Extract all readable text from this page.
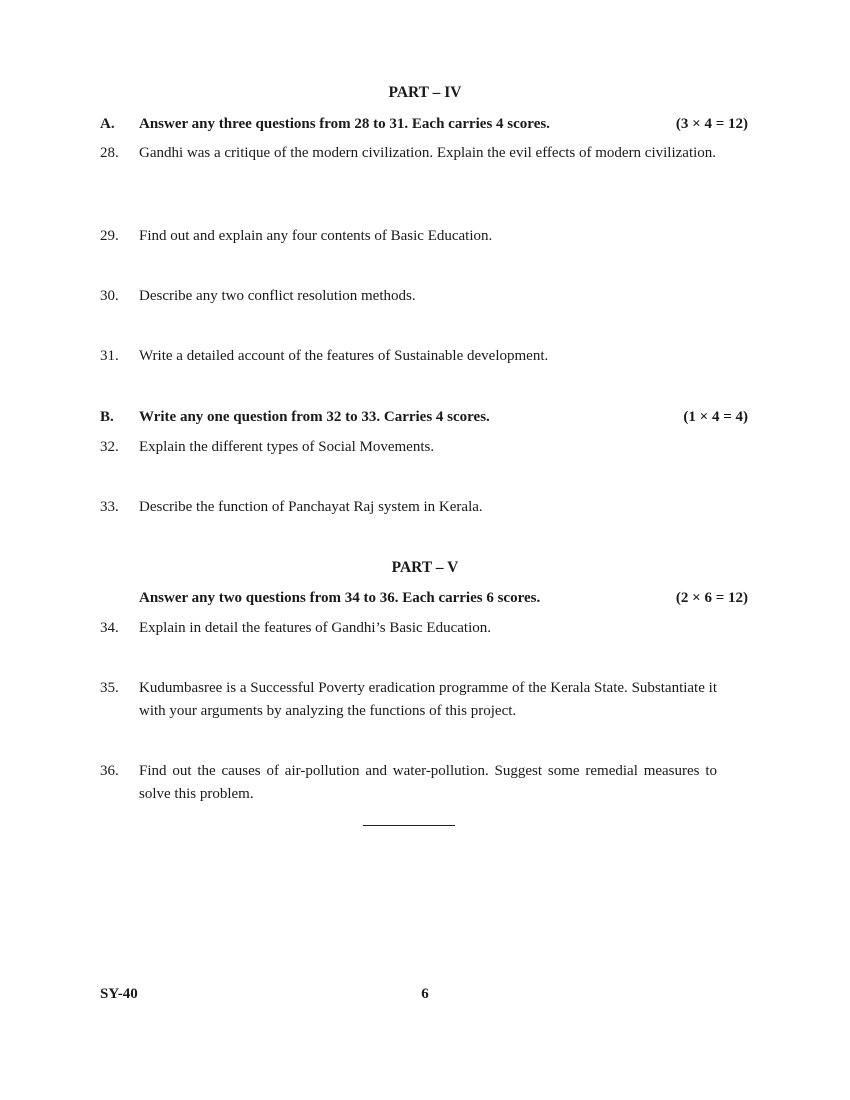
PART – IV
A. Answer any three questions from 28 to 31. Each carries 4 scores.	(3 × 4 = 12)
28. Gandhi was a critique of the modern civilization. Explain the evil effects of modern civilization.
29. Find out and explain any four contents of Basic Education.
30. Describe any two conflict resolution methods.
31. Write a detailed account of the features of Sustainable development.
B. Write any one question from 32 to 33. Carries 4 scores.	(1 × 4 = 4)
32. Explain the different types of Social Movements.
33. Describe the function of Panchayat Raj system in Kerala.
PART – V
Answer any two questions from 34 to 36. Each carries 6 scores.	(2 × 6 = 12)
34. Explain in detail the features of Gandhi’s Basic Education.
35. Kudumbasree is a Successful Poverty eradication programme of the Kerala State. Substantiate it with your arguments by analyzing the functions of this project.
36. Find out the causes of air-pollution and water-pollution. Suggest some remedial measures to solve this problem.
SY-40	6
